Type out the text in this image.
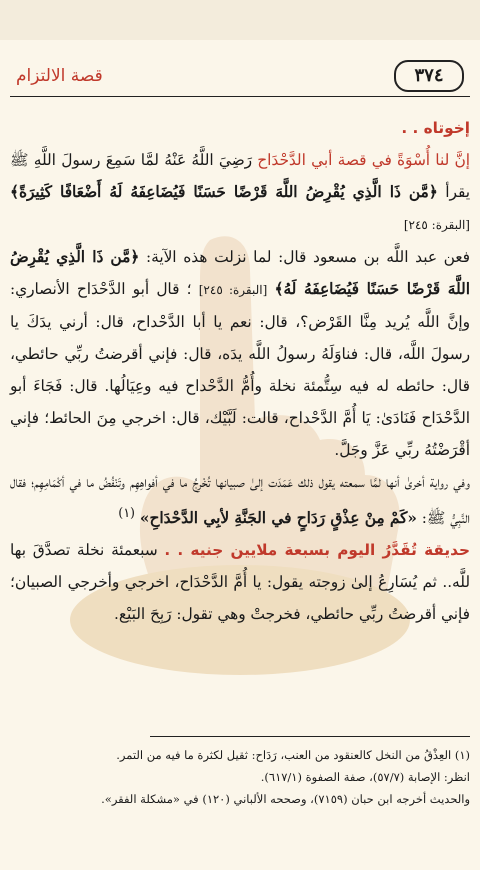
قصة الالتزام	٣٧٤

إخوتاه . .

إنَّ لنا أُسْوَةً في قصة أبي الدَّحْدَاح رَضِيَ اللَّهُ عَنْهُ لمَّا سَمِعَ رسولَ اللَّهِ ﷺ يقرأ ﴿مَّن ذَا الَّذِي يُقْرِضُ اللَّهَ قَرْضًا حَسَنًا فَيُضَاعِفَهُ لَهُ أَضْعَافًا كَثِيرَةً﴾ [البقرة: ٢٤٥]

فعن عبد اللَّه بن مسعود قال: لما نزلت هذه الآية: ﴿مَّن ذَا الَّذِي يُقْرِضُ اللَّهَ قَرْضًا حَسَنًا فَيُضَاعِفَهُ لَهُ﴾ [البقرة: ٢٤٥] ؛ قال أبو الدَّحْدَاح الأنصاري: وإنَّ اللَّه يُريد مِنَّا القَرْض؟، قال: نعم يا أبا الدَّحْداح، قال: أرني يدَكَ يا رسولَ اللَّه، قال: فناوَلَهُ رسولُ اللَّه يدَه، قال: فإني أقرضتُ ربِّي حائطي، قال: حائطه له فيه سِتُّمئة نخلة وأُمُّ الدَّحْداح فيه وعِيَالُها. قال: فَجَاءَ أبو الدَّحْدَاح فَنَادَىٰ: يَا أُمَّ الدَّحْداح، قالت: لَبَّيْك، قال: اخرجي مِنَ الحائط؛ فإني أقْرَضْتُهُ ربِّي عَزَّ وجَلَّ.

وفي رواية أخرىٰ أنها لمَّا سمعته يقول ذلك عَمَدَت إلىٰ صبيانها تُخْرِجُ ما في أفواهِهِم وتَنْفُضُ ما في أكْمَامِهِم؛ فقال النَّبِيُّ ﷺ: «كَمْ مِنْ عِذْقٍ رَدَاحٍ في الجَنَّةِ لأبِي الدَّحْدَاحِ» $^{(١)}$

حديقة تُقَدَّرُ اليوم بسبعة ملايين جنيه . . سبعمئة نخلة تصدَّقَ بها للَّه.. ثم يُسَارِعُ إلىٰ زوجته يقول: يا أُمَّ الدَّحْدَاح، اخرجي وأخرجي الصبيان؛ فإني أقرضتُ ربِّي حائطي، فخرجتْ وهي تقول: رَبِحَ البَيْع.

(١) العِذْقُ من النخل كالعنقود من العنب، رَدَاح: ثقيل لكثرة ما فيه من التمر.

انظر: الإصابة (٥٧/٧)، صفة الصفوة (٦١٧/١).

والحديث أخرجه ابن حبان (٧١٥٩)، وصححه الألباني (١٢٠) في «مشكلة الفقر».
